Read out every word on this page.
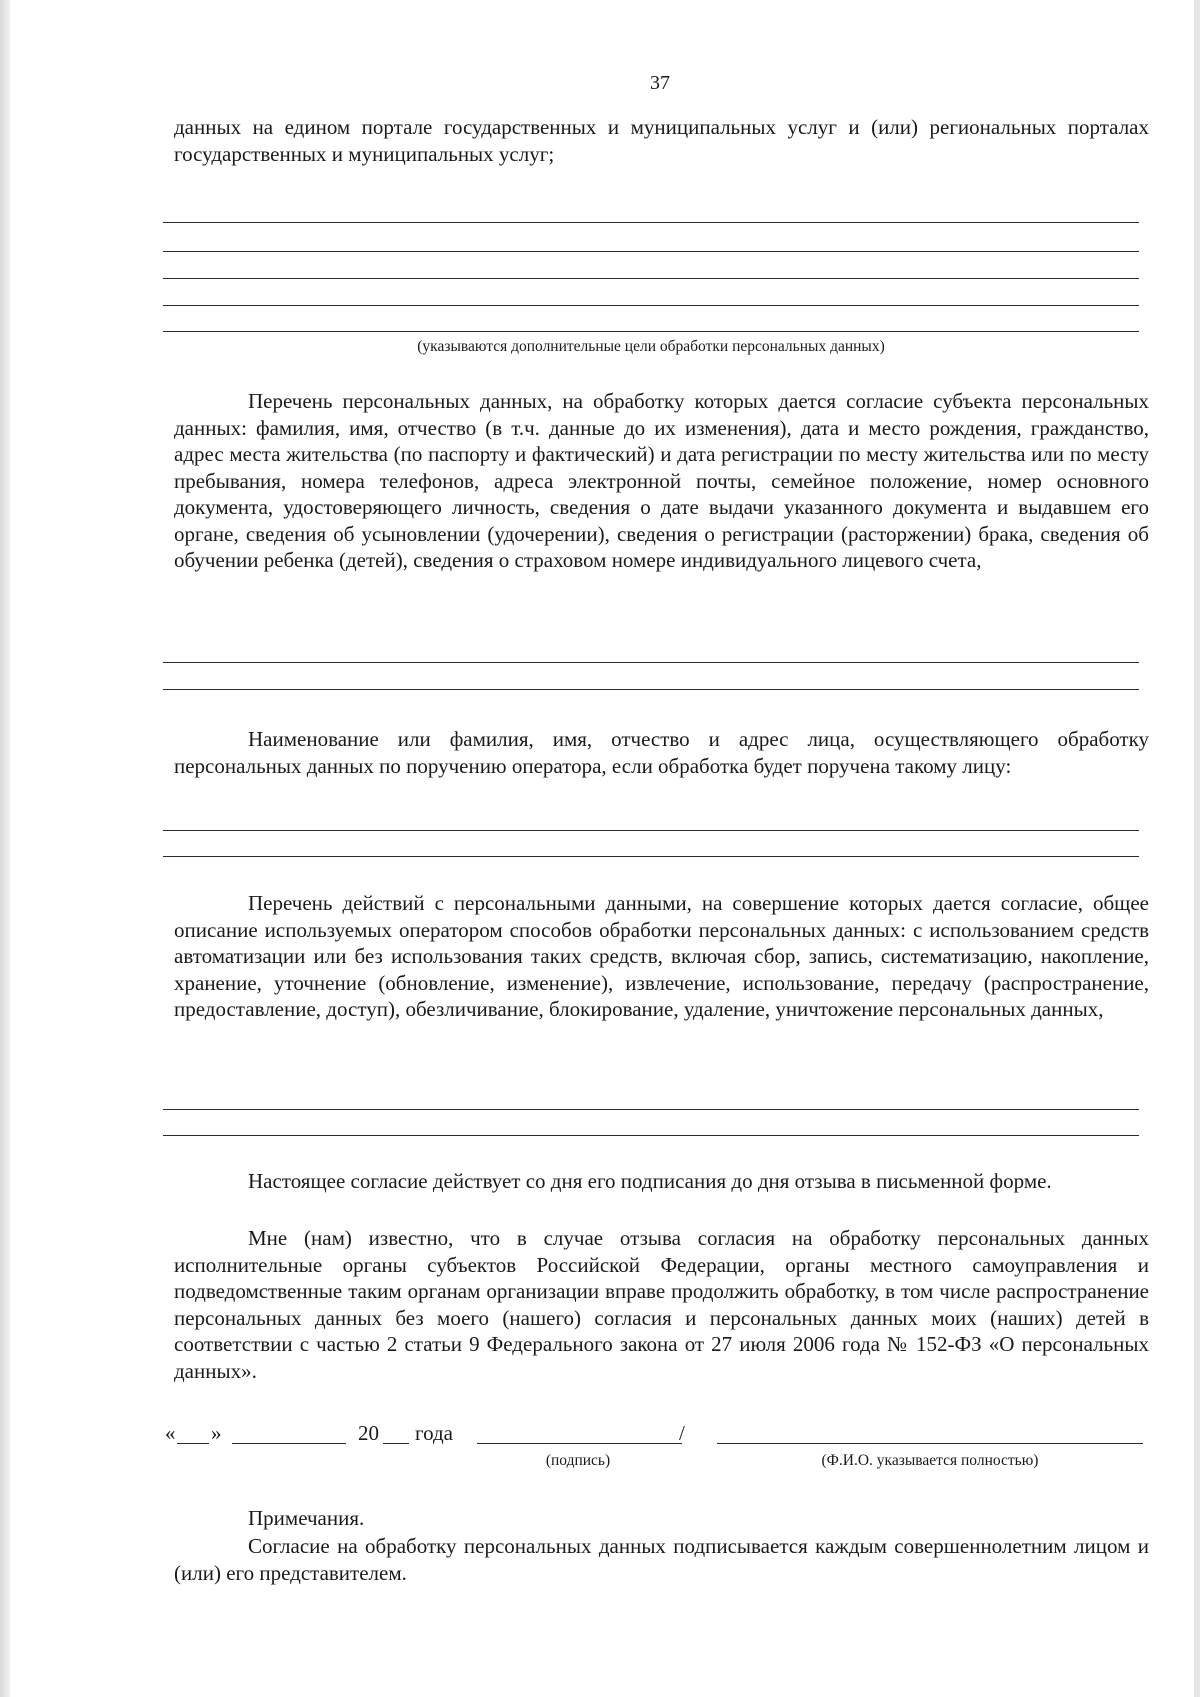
37

данных на едином портале государственных и муниципальных услуг и (или) региональных порталах государственных и муниципальных услуг;

(указываются дополнительные цели обработки персональных данных)

Перечень персональных данных, на обработку которых дается согласие субъекта персональных данных: фамилия, имя, отчество (в т.ч. данные до их изменения), дата и место рождения, гражданство, адрес места жительства (по паспорту и фактический) и дата регистрации по месту жительства или по месту пребывания, номера телефонов, адреса электронной почты, семейное положение, номер основного документа, удостоверяющего личность, сведения о дате выдачи указанного документа и выдавшем его органе, сведения об усыновлении (удочерении), сведения о регистрации (расторжении) брака, сведения об обучении ребенка (детей), сведения о страховом номере индивидуального лицевого счета,

Наименование или фамилия, имя, отчество и адрес лица, осуществляющего обработку персональных данных по поручению оператора, если обработка будет поручена такому лицу:

Перечень действий с персональными данными, на совершение которых дается согласие, общее описание используемых оператором способов обработки персональных данных: с использованием средств автоматизации или без использования таких средств, включая сбор, запись, систематизацию, накопление, хранение, уточнение (обновление, изменение), извлечение, использование, передачу (распространение, предоставление, доступ), обезличивание, блокирование, удаление, уничтожение персональных данных,

Настоящее согласие действует со дня его подписания до дня отзыва в письменной форме.

Мне (нам) известно, что в случае отзыва согласия на обработку персональных данных исполнительные органы субъектов Российской Федерации, органы местного самоуправления и подведомственные таким органам организации вправе продолжить обработку, в том числе распространение персональных данных без моего (нашего) согласия и персональных данных моих (наших) детей в соответствии с частью 2 статьи 9 Федерального закона от 27 июля 2006 года № 152-ФЗ «О персональных данных».

« »	20 года	/
(подпись)	(Ф.И.О. указывается полностью)

Примечания.

Согласие на обработку персональных данных подписывается каждым совершеннолетним лицом и (или) его представителем.
